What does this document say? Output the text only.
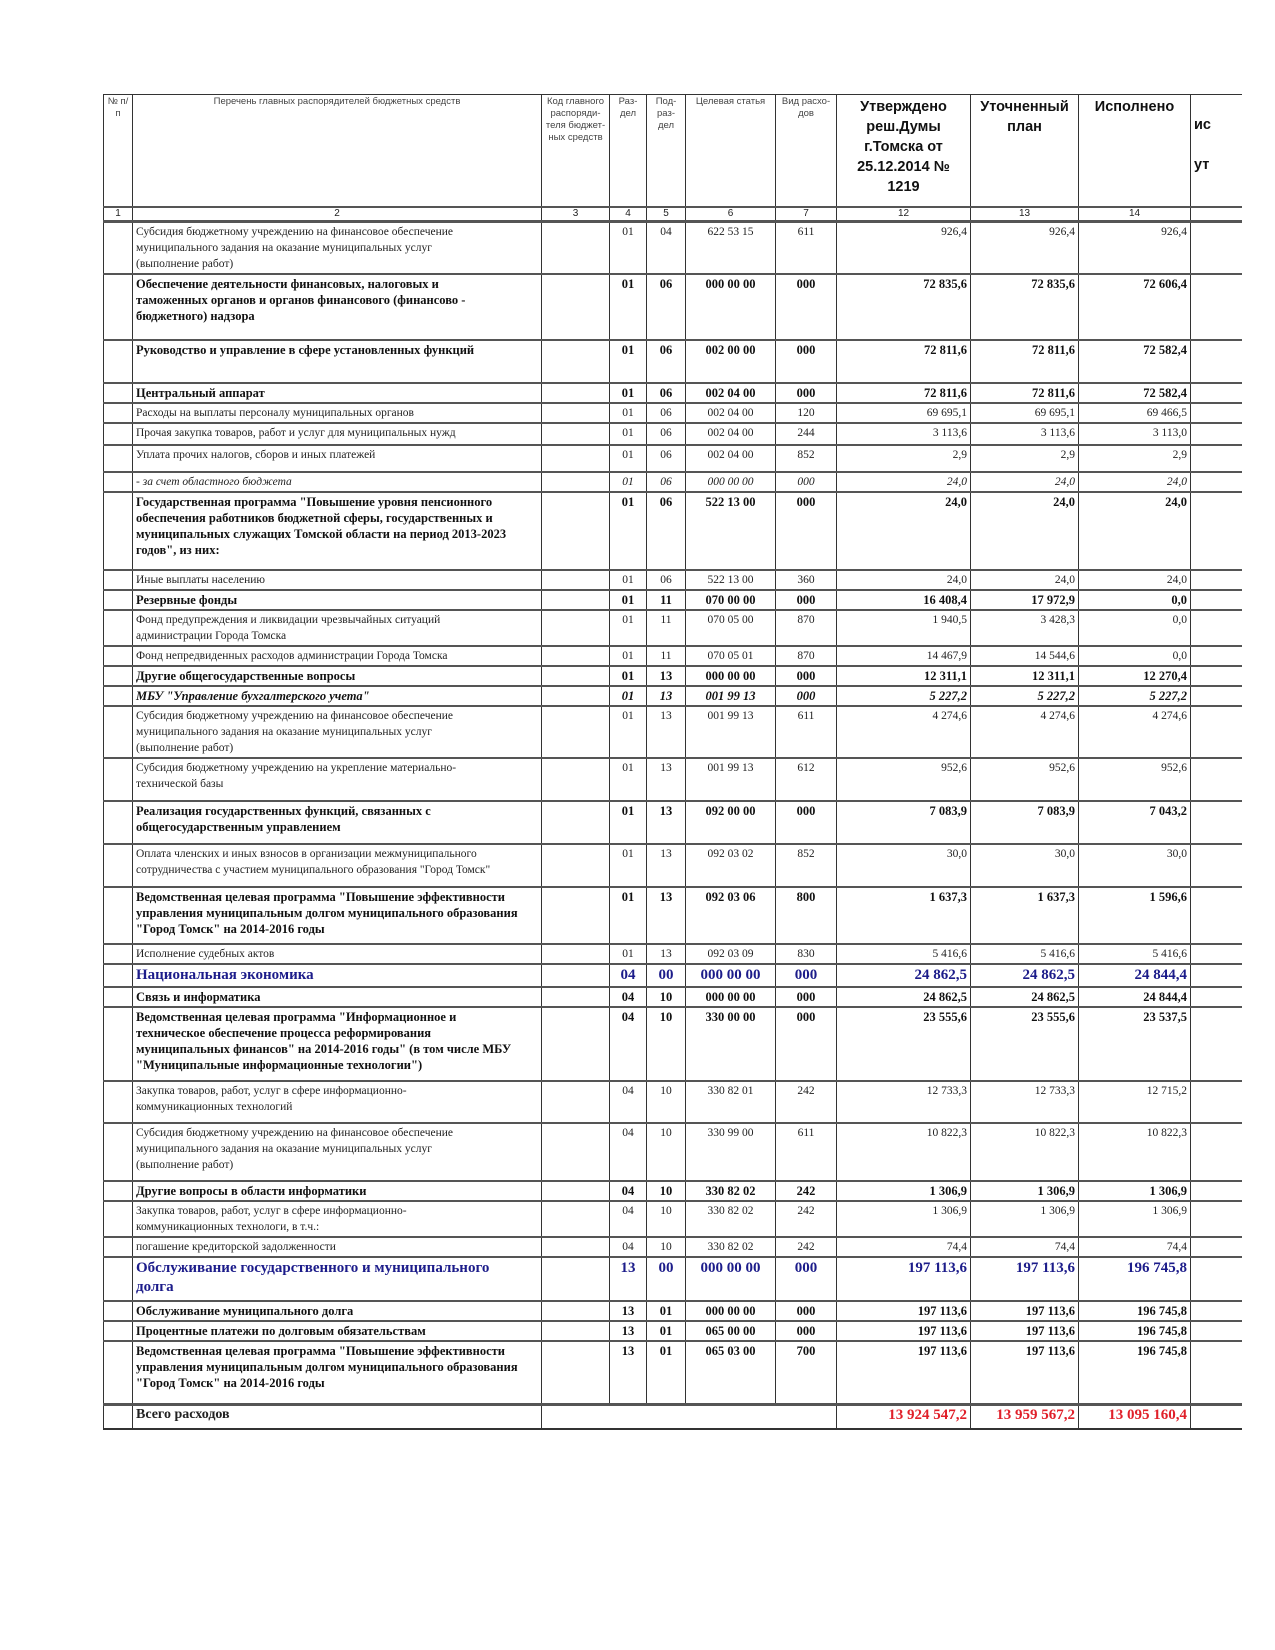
№ п/п	Перечень главных распорядителей бюджетных средств	Код главного распоряди-теля бюджет-ных средств	Раз-дел	Под-раз-дел	Целевая статья	Вид расхо-дов	Утверждено реш.Думы г.Томска от 25.12.2014 № 1219	Уточненный план	Исполнено	ис

ут
1	2	3	4	5	6	7	12	13	14	
	Субсидия бюджетному учреждению на финансовое обеспечение
муниципального задания на оказание муниципальных услуг
(выполнение работ)		01	04	622 53 15	611	926,4	926,4	926,4	
	Обеспечение деятельности финансовых, налоговых и
таможенных органов и органов финансового (финансово -
бюджетного) надзора		01	06	000 00 00	000	72 835,6	72 835,6	72 606,4	
	Руководство и управление в сфере установленных функций		01	06	002 00 00	000	72 811,6	72 811,6	72 582,4	
	Центральный аппарат		01	06	002 04 00	000	72 811,6	72 811,6	72 582,4	
	Расходы на выплаты персоналу муниципальных органов		01	06	002 04 00	120	69 695,1	69 695,1	69 466,5	
	Прочая закупка товаров, работ и услуг для муниципальных нужд		01	06	002 04 00	244	3 113,6	3 113,6	3 113,0	
	Уплата прочих налогов, сборов и иных платежей		01	06	002 04 00	852	2,9	2,9	2,9	
	- за счет областного бюджета		01	06	000 00 00	000	24,0	24,0	24,0	
	Государственная программа "Повышение уровня пенсионного
обеспечения работников бюджетной сферы, государственных и
муниципальных служащих Томской области на период 2013-2023
годов", из них:		01	06	522 13 00	000	24,0	24,0	24,0	
	Иные выплаты населению		01	06	522 13 00	360	24,0	24,0	24,0	
	Резервные фонды		01	11	070 00 00	000	16 408,4	17 972,9	0,0	
	Фонд предупреждения и ликвидации чрезвычайных ситуаций
администрации Города Томска		01	11	070 05 00	870	1 940,5	3 428,3	0,0	
	Фонд непредвиденных расходов администрации Города Томска		01	11	070 05 01	870	14 467,9	14 544,6	0,0	
	Другие общегосударственные вопросы		01	13	000 00 00	000	12 311,1	12 311,1	12 270,4	
	МБУ "Управление бухгалтерского учета"		01	13	001 99 13	000	5 227,2	5 227,2	5 227,2	
	Субсидия бюджетному учреждению на финансовое обеспечение
муниципального задания на оказание муниципальных услуг
(выполнение работ)		01	13	001 99 13	611	4 274,6	4 274,6	4 274,6	
	Субсидия бюджетному учреждению на укрепление материально-
технической базы		01	13	001 99 13	612	952,6	952,6	952,6	
	Реализация государственных функций, связанных с
общегосударственным управлением		01	13	092 00 00	000	7 083,9	7 083,9	7 043,2	
	Оплата членских и иных взносов в организации межмуниципального
сотрудничества с участием муниципального образования "Город Томск"		01	13	092 03 02	852	30,0	30,0	30,0	
	Ведомственная целевая программа "Повышение эффективности
управления муниципальным долгом муниципального образования
"Город Томск" на 2014-2016 годы		01	13	092 03 06	800	1 637,3	1 637,3	1 596,6	
	Исполнение судебных актов		01	13	092 03 09	830	5 416,6	5 416,6	5 416,6	
	Национальная экономика		04	00	000 00 00	000	24 862,5	24 862,5	24 844,4	
	Связь и информатика		04	10	000 00 00	000	24 862,5	24 862,5	24 844,4	
	Ведомственная целевая программа "Информационное и
техническое обеспечение процесса реформирования
муниципальных финансов" на 2014-2016 годы" (в том числе МБУ
"Муниципальные информационные технологии")		04	10	330 00 00	000	23 555,6	23 555,6	23 537,5	
	Закупка товаров, работ, услуг в сфере информационно-
коммуникационных технологий		04	10	330 82 01	242	12 733,3	12 733,3	12 715,2	
	Субсидия бюджетному учреждению на финансовое обеспечение
муниципального задания на оказание муниципальных услуг
(выполнение работ)		04	10	330 99 00	611	10 822,3	10 822,3	10 822,3	
	Другие вопросы в области информатики		04	10	330 82 02	242	1 306,9	1 306,9	1 306,9	
	Закупка товаров, работ, услуг в сфере информационно-
коммуникационных технологи, в т.ч.:		04	10	330 82 02	242	1 306,9	1 306,9	1 306,9	
	погашение кредиторской задолженности		04	10	330 82 02	242	74,4	74,4	74,4	
	Обслуживание государственного и муниципального
долга		13	00	000 00 00	000	197 113,6	197 113,6	196 745,8	
	Обслуживание муниципального долга		13	01	000 00 00	000	197 113,6	197 113,6	196 745,8	
	Процентные платежи по долговым обязательствам		13	01	065 00 00	000	197 113,6	197 113,6	196 745,8	
	Ведомственная целевая программа "Повышение эффективности
управления муниципальным долгом муниципального образования
"Город Томск" на 2014-2016 годы		13	01	065 03 00	700	197 113,6	197 113,6	196 745,8	
	Всего расходов						13 924 547,2	13 959 567,2	13 095 160,4	
